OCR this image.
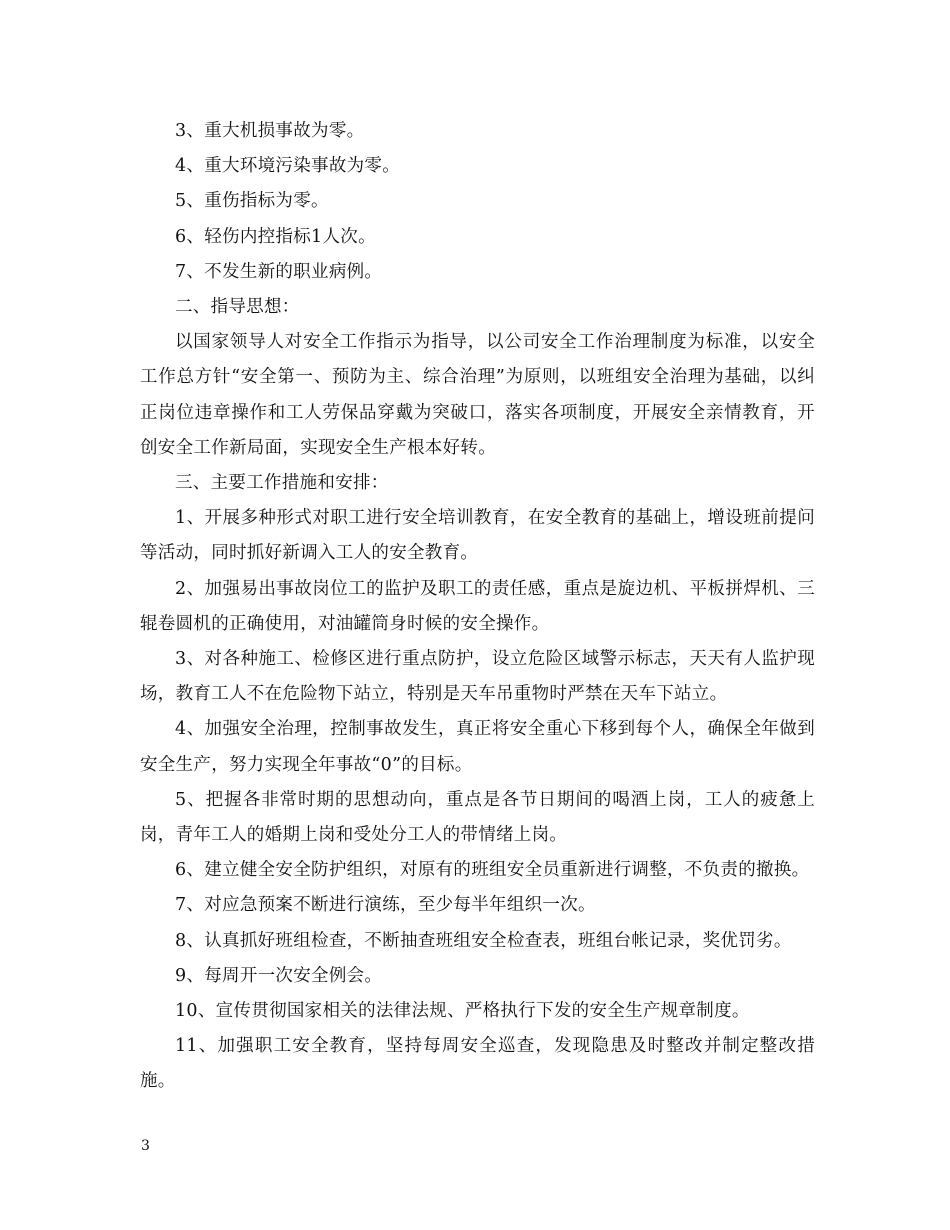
3、重大机损事故为零。

4、重大环境污染事故为零。

5、重伤指标为零。

6、轻伤内控指标1人次。

7、不发生新的职业病例。

二、指导思想：

以国家领导人对安全工作指示为指导，以公司安全工作治理制度为标准，以安全工作总方针“安全第一、预防为主、综合治理”为原则，以班组安全治理为基础，以纠正岗位违章操作和工人劳保品穿戴为突破口，落实各项制度，开展安全亲情教育，开创安全工作新局面，实现安全生产根本好转。

三、主要工作措施和安排：

1、开展多种形式对职工进行安全培训教育，在安全教育的基础上，增设班前提问等活动，同时抓好新调入工人的安全教育。

2、加强易出事故岗位工的监护及职工的责任感，重点是旋边机、平板拼焊机、三辊卷圆机的正确使用，对油罐筒身时候的安全操作。

3、对各种施工、检修区进行重点防护，设立危险区域警示标志，天天有人监护现场，教育工人不在危险物下站立，特别是天车吊重物时严禁在天车下站立。

4、加强安全治理，控制事故发生，真正将安全重心下移到每个人，确保全年做到安全生产，努力实现全年事故“0”的目标。

5、把握各非常时期的思想动向，重点是各节日期间的喝酒上岗，工人的疲惫上岗，青年工人的婚期上岗和受处分工人的带情绪上岗。

6、建立健全安全防护组织，对原有的班组安全员重新进行调整，不负责的撤换。

7、对应急预案不断进行演练，至少每半年组织一次。

8、认真抓好班组检查，不断抽查班组安全检查表，班组台帐记录，奖优罚劣。

9、每周开一次安全例会。

10、宣传贯彻国家相关的法律法规、严格执行下发的安全生产规章制度。

11、加强职工安全教育，坚持每周安全巡查，发现隐患及时整改并制定整改措施。

3
